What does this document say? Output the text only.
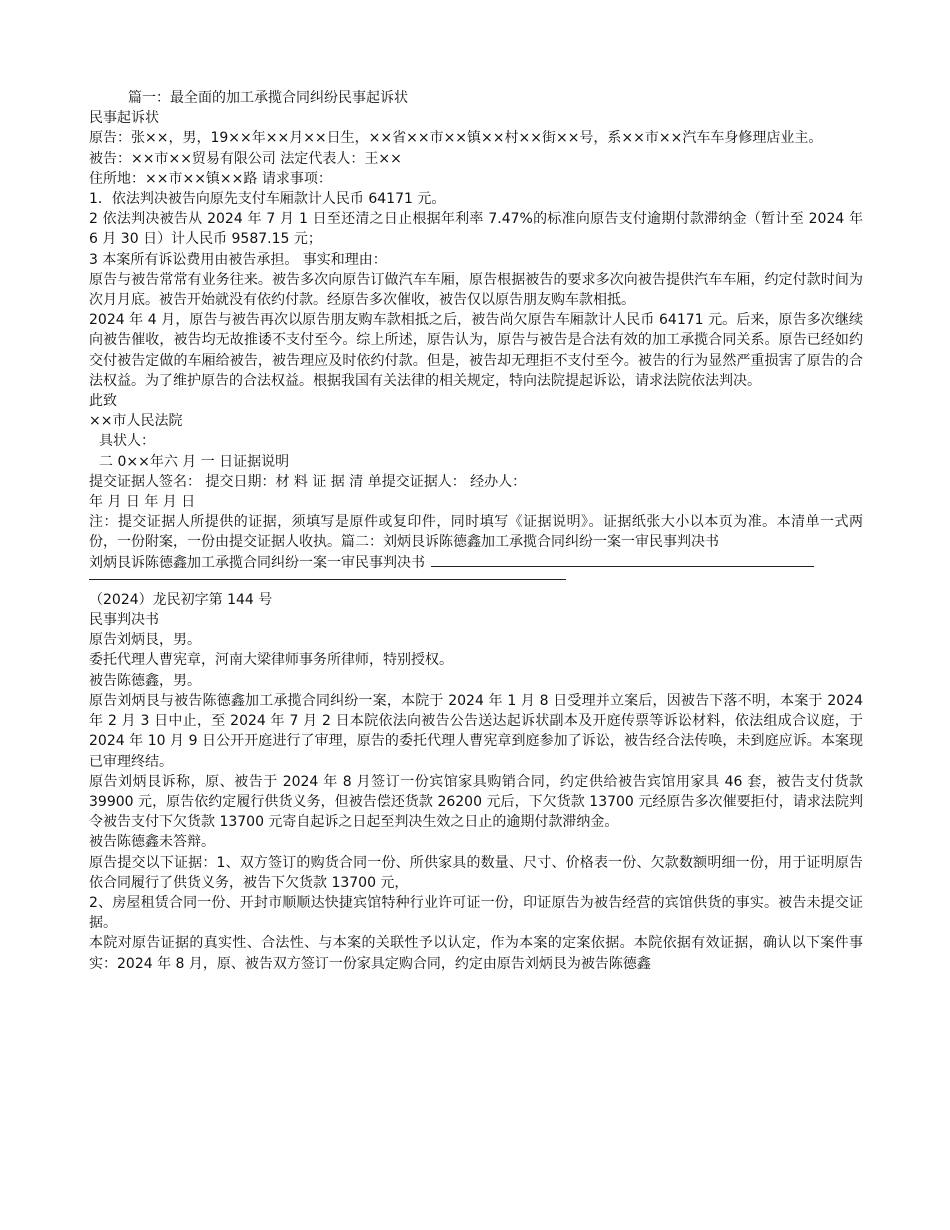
篇一：最全面的加工承揽合同纠纷民事起诉状
民事起诉状
原告：张××，男，19××年××月××日生，××省××市××镇××村××街××号，系××市××汽车车身修理店业主。
被告：××市××贸易有限公司 法定代表人：王××
住所地：××市××镇××路 请求事项：
1．依法判决被告向原先支付车厢款计人民币 64171 元。
2 依法判决被告从 2024 年 7 月 1 日至还清之日止根据年利率 7.47%的标准向原告支付逾期付款滞纳金（暂计至 2024 年 6 月 30 日）计人民币 9587.15 元；
3 本案所有诉讼费用由被告承担。 事实和理由：
原告与被告常常有业务往来。被告多次向原告订做汽车车厢，原告根据被告的要求多次向被告提供汽车车厢，约定付款时间为次月月底。被告开始就没有依约付款。经原告多次催收，被告仅以原告朋友购车款相抵。
2024 年 4 月，原告与被告再次以原告朋友购车款相抵之后，被告尚欠原告车厢款计人民币 64171 元。后来，原告多次继续向被告催收，被告均无故推诿不支付至今。综上所述，原告认为，原告与被告是合法有效的加工承揽合同关系。原告已经如约交付被告定做的车厢给被告，被告理应及时依约付款。但是，被告却无理拒不支付至今。被告的行为显然严重损害了原告的合法权益。为了维护原告的合法权益。根据我国有关法律的相关规定，特向法院提起诉讼，请求法院依法判决。
此致
××市人民法院
具状人：
二 0××年六 月 一 日证据说明
提交证据人签名： 提交日期：材 料 证 据 清 单提交证据人： 经办人：
年 月 日 年 月 日
注：提交证据人所提供的证据，须填写是原件或复印件，同时填写《证据说明》。证据纸张大小以本页为准。本清单一式两份，一份附案，一份由提交证据人收执。篇二：刘炳艮诉陈德鑫加工承揽合同纠纷一案一审民事判决书
刘炳艮诉陈德鑫加工承揽合同纠纷一案一审民事判决书
（2024）龙民初字第 144 号
民事判决书
原告刘炳艮，男。
委托代理人曹宪章，河南大梁律师事务所律师，特别授权。
被告陈德鑫，男。
原告刘炳艮与被告陈德鑫加工承揽合同纠纷一案，本院于 2024 年 1 月 8 日受理并立案后，因被告下落不明，本案于 2024 年 2 月 3 日中止，至 2024 年 7 月 2 日本院依法向被告公告送达起诉状副本及开庭传票等诉讼材料，依法组成合议庭，于 2024 年 10 月 9 日公开开庭进行了审理，原告的委托代理人曹宪章到庭参加了诉讼，被告经合法传唤，未到庭应诉。本案现已审理终结。
原告刘炳艮诉称，原、被告于 2024 年 8 月签订一份宾馆家具购销合同，约定供给被告宾馆用家具 46 套，被告支付货款 39900 元，原告依约定履行供货义务，但被告偿还货款 26200 元后，下欠货款 13700 元经原告多次催要拒付，请求法院判令被告支付下欠货款 13700 元寄自起诉之日起至判决生效之日止的逾期付款滞纳金。
被告陈德鑫未答辩。
原告提交以下证据：1、双方签订的购货合同一份、所供家具的数量、尺寸、价格表一份、欠款数额明细一份，用于证明原告依合同履行了供货义务，被告下欠货款 13700 元，
2、房屋租赁合同一份、开封市顺顺达快捷宾馆特种行业许可证一份，印证原告为被告经营的宾馆供货的事实。被告未提交证据。
本院对原告证据的真实性、合法性、与本案的关联性予以认定，作为本案的定案依据。本院依据有效证据，确认以下案件事实：2024 年 8 月，原、被告双方签订一份家具定购合同，约定由原告刘炳艮为被告陈德鑫
